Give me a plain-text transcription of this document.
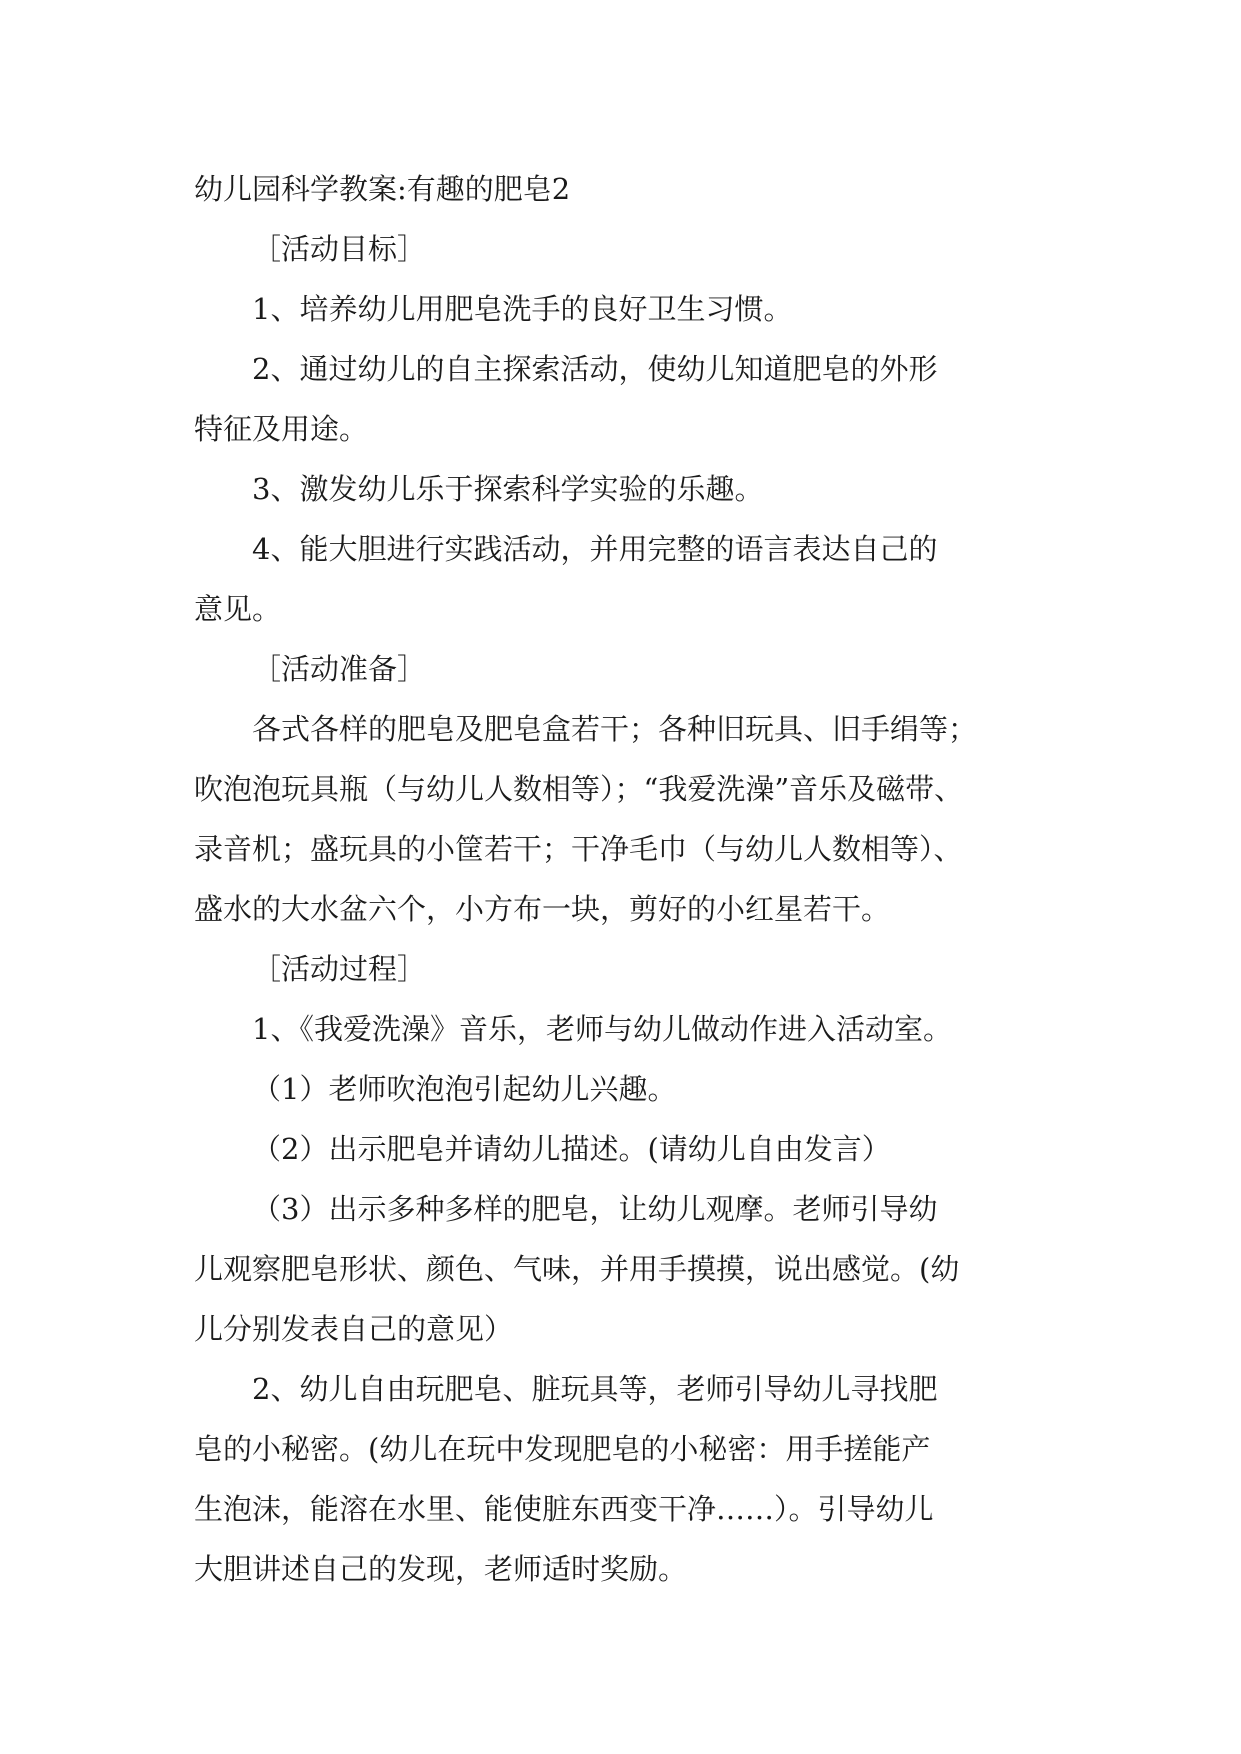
幼儿园科学教案:有趣的肥皂2

［活动目标］

1、培养幼儿用肥皂洗手的良好卫生习惯。

2、通过幼儿的自主探索活动，使幼儿知道肥皂的外形
特征及用途。

3、激发幼儿乐于探索科学实验的乐趣。

4、能大胆进行实践活动，并用完整的语言表达自己的
意见。

［活动准备］

各式各样的肥皂及肥皂盒若干；各种旧玩具、旧手绢等；
吹泡泡玩具瓶（与幼儿人数相等）；“我爱洗澡”音乐及磁带、
录音机；盛玩具的小筐若干；干净毛巾（与幼儿人数相等）、
盛水的大水盆六个，小方布一块，剪好的小红星若干。

［活动过程］

1、《我爱洗澡》音乐，老师与幼儿做动作进入活动室。

（1）老师吹泡泡引起幼儿兴趣。

（2）出示肥皂并请幼儿描述。(请幼儿自由发言）

（3）出示多种多样的肥皂，让幼儿观摩。老师引导幼
儿观察肥皂形状、颜色、气味，并用手摸摸，说出感觉。(幼
儿分别发表自己的意见）

2、幼儿自由玩肥皂、脏玩具等，老师引导幼儿寻找肥
皂的小秘密。(幼儿在玩中发现肥皂的小秘密：用手搓能产
生泡沫，能溶在水里、能使脏东西变干净……）。引导幼儿
大胆讲述自己的发现，老师适时奖励。
